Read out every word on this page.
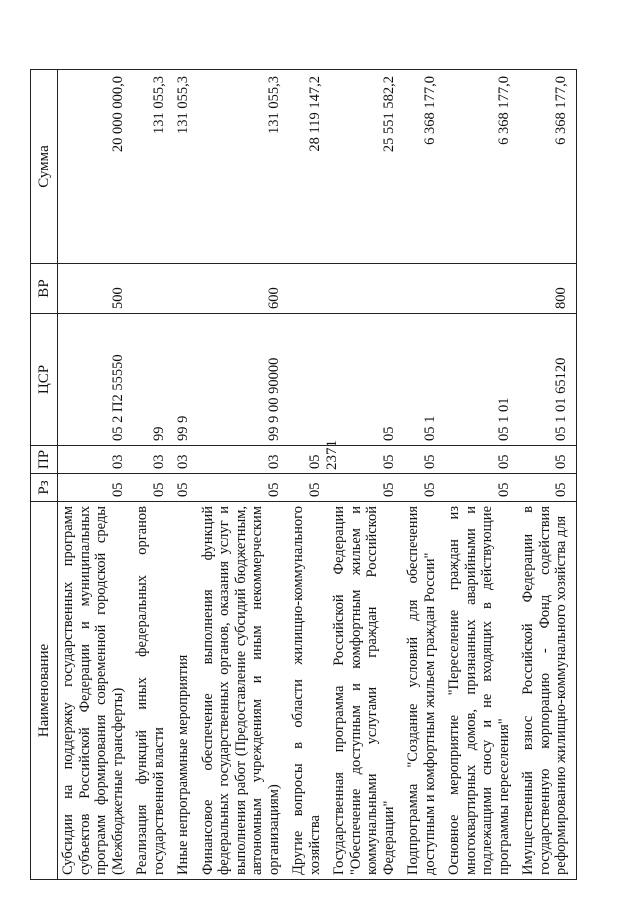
2371
Наименование	Рз	ПР	ЦСР	ВР	Сумма
Субсидии на поддержку государственных программ субъектов Российской Федерации и муниципальных программ формирования современной городской среды (Межбюджетные трансферты)	05	03	05 2 П2 55550	500	20 000 000,0
Реализация функций иных федеральных органов государственной власти	05	03	99		131 055,3
Иные непрограммные мероприятия	05	03	99 9		131 055,3
Финансовое обеспечение выполнения функций федеральных государственных органов, оказания услуг и выполнения работ (Предоставление субсидий бюджетным, автономным учреждениям и иным некоммерческим организациям)	05	03	99 9 00 90000	600	131 055,3
Другие вопросы в области жилищно-коммунального хозяйства	05	05			28 119 147,2
Государственная программа Российской Федерации "Обеспечение доступным и комфортным жильем и коммунальными услугами граждан Российской Федерации"	05	05	05		25 551 582,2
Подпрограмма "Создание условий для обеспечения доступным и комфортным жильем граждан России"	05	05	05 1		6 368 177,0
Основное мероприятие "Переселение граждан из многоквартирных домов, признанных аварийными и подлежащими сносу и не входящих в действующие программы переселения"	05	05	05 1 01		6 368 177,0
Имущественный взнос Российской Федерации в государственную корпорацию - Фонд содействия реформированию жилищно-коммунального хозяйства для	05	05	05 1 01 65120	800	6 368 177,0
